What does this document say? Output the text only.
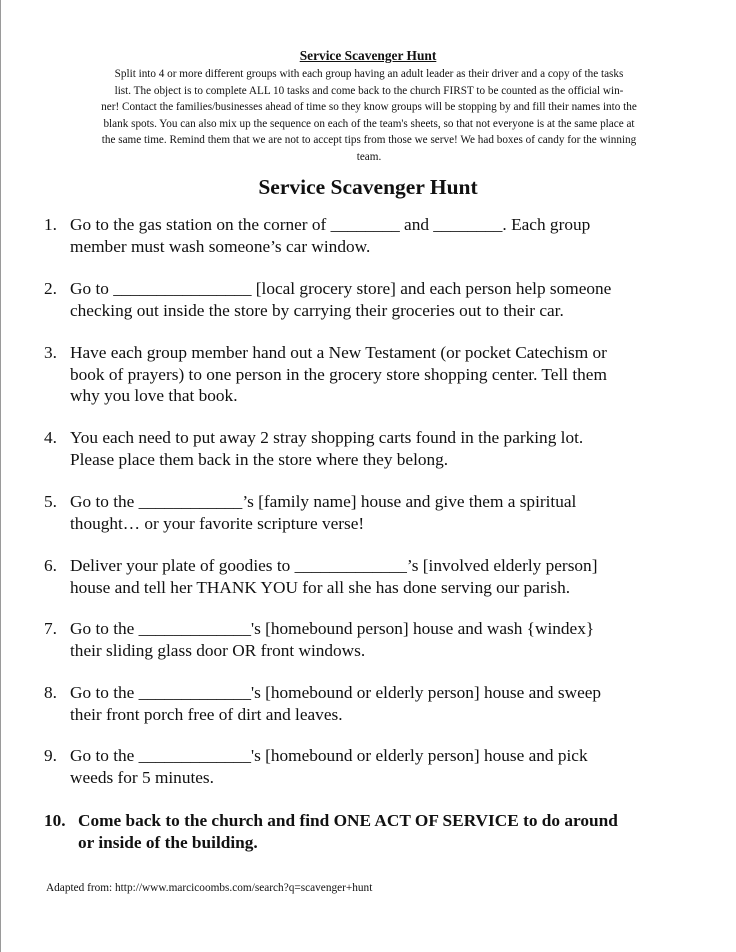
Service Scavenger Hunt
Split into 4 or more different groups with each group having an adult leader as their driver and a copy of the tasks
list. The object is to complete ALL 10 tasks and come back to the church FIRST to be counted as the official win-
ner! Contact the families/businesses ahead of time so they know groups will be stopping by and fill their names into the
blank spots. You can also mix up the sequence on each of the team's sheets, so that not everyone is at the same place at
the same time. Remind them that we are not to accept tips from those we serve! We had boxes of candy for the winning
team.
Service Scavenger Hunt
1. Go to the gas station on the corner of ________ and ________. Each group
member must wash someone’s car window.
2. Go to ________________ [local grocery store] and each person help someone
checking out inside the store by carrying their groceries out to their car.
3. Have each group member hand out a New Testament (or pocket Catechism or
book of prayers) to one person in the grocery store shopping center. Tell them
why you love that book.
4. You each need to put away 2 stray shopping carts found in the parking lot.
Please place them back in the store where they belong.
5. Go to the ____________’s [family name] house and give them a spiritual
thought… or your favorite scripture verse!
6. Deliver your plate of goodies to _____________’s [involved elderly person]
house and tell her THANK YOU for all she has done serving our parish.
7. Go to the _____________'s [homebound person] house and wash {windex}
their sliding glass door OR front windows.
8. Go to the _____________'s [homebound or elderly person] house and sweep
their front porch free of dirt and leaves.
9. Go to the _____________'s [homebound or elderly person] house and pick
weeds for 5 minutes.
10. Come back to the church and find ONE ACT OF SERVICE to do around
or inside of the building.
Adapted from: http://www.marcicoombs.com/search?q=scavenger+hunt
